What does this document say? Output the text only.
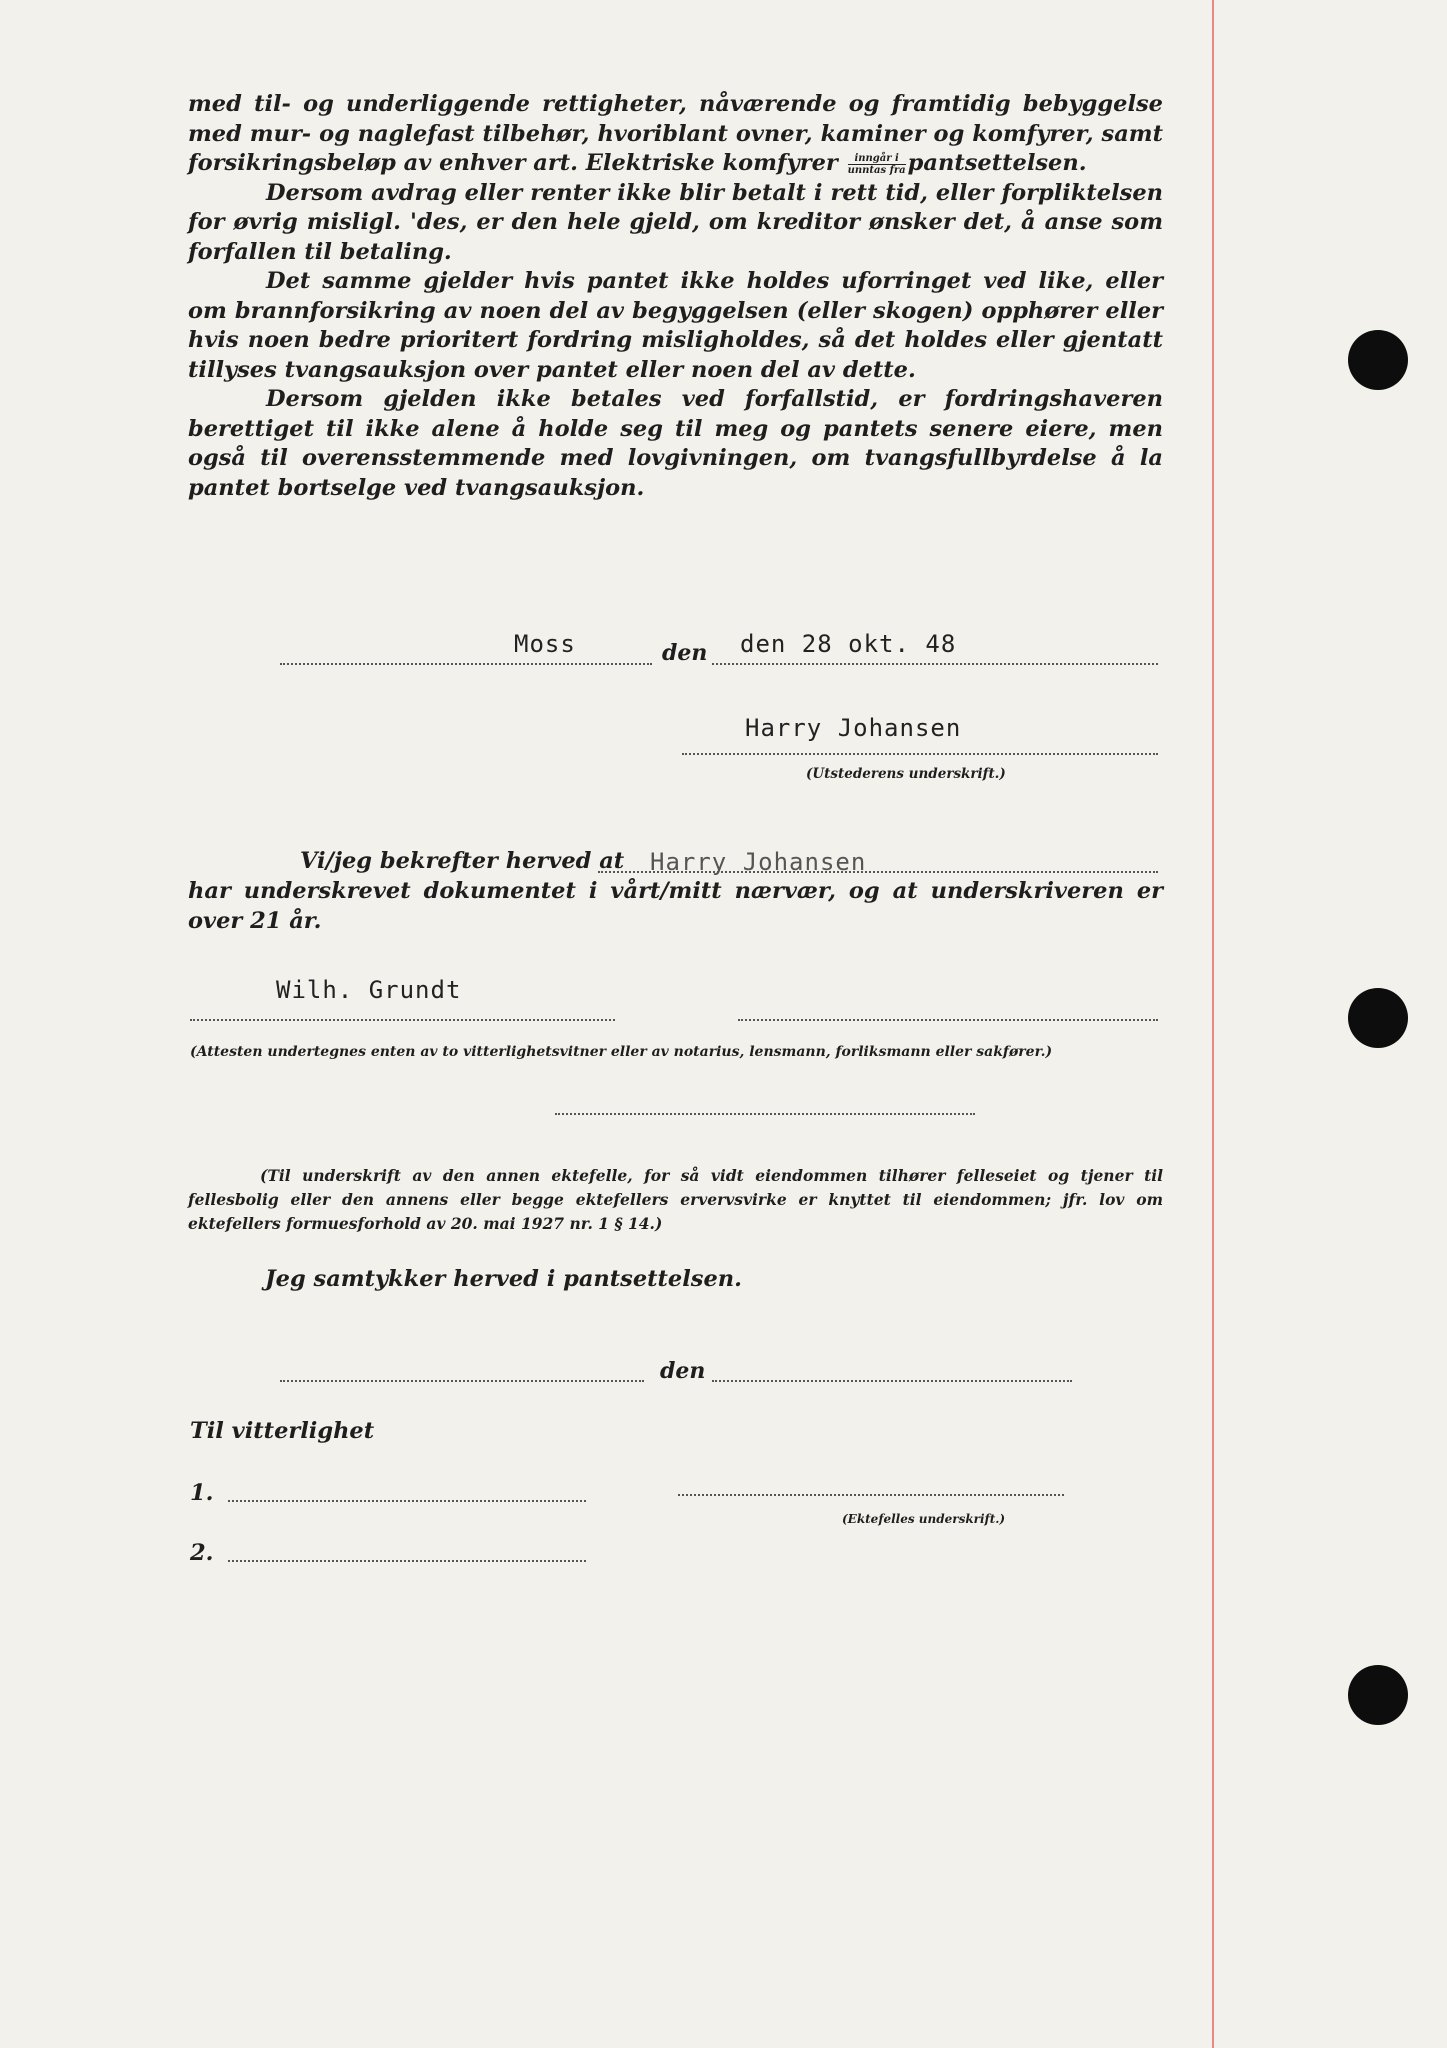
med til- og underliggende rettigheter, nåværende og framtidig bebyggelse med mur- og naglefast tilbehør, hvoriblant ovner, kaminer og komfyrer, samt forsikringsbeløp av enhver art. Elektriske komfyrer $\frac{\text{inngår i}}{\text{unntas fra}}$ pantsettelsen.

Dersom avdrag eller renter ikke blir betalt i rett tid, eller forpliktelsen for øvrig misligl. 'des, er den hele gjeld, om kreditor ønsker det, å anse som forfallen til betaling.

Det samme gjelder hvis pantet ikke holdes uforringet ved like, eller om brannforsikring av noen del av begyggelsen (eller skogen) opphører eller hvis noen bedre prioritert fordring misligholdes, så det holdes eller gjentatt tillyses tvangsauksjon over pantet eller noen del av dette.

Dersom gjelden ikke betales ved forfallstid, er fordringshaveren berettiget til ikke alene å holde seg til meg og pantets senere eiere, men også til overensstemmende med lovgivningen, om tvangsfullbyrdelse å la pantet bortselge ved tvangsauksjon.

Moss	den den 28 okt. 48
Harry Johansen
(Utstederens underskrift.)
Vi/jeg bekrefter herved at Harry Johansen

har underskrevet dokumentet i vårt/mitt nærvær, og at underskriveren er over 21 år.

Wilh. Grundt
(Attesten undertegnes enten av to vitterlighetsvitner eller av notarius, lensmann, forliksmann eller sakfører.)

(Til underskrift av den annen ektefelle, for så vidt eiendommen tilhører felleseiet og tjener til fellesbolig eller den annens eller begge ektefellers ervervsvirke er knyttet til eiendommen; jfr. lov om ektefellers formuesforhold av 20. mai 1927 nr. 1 § 14.)

Jeg samtykker herved i pantsettelsen.
den
Til vitterlighet
1.
(Ektefelles underskrift.)
2.
